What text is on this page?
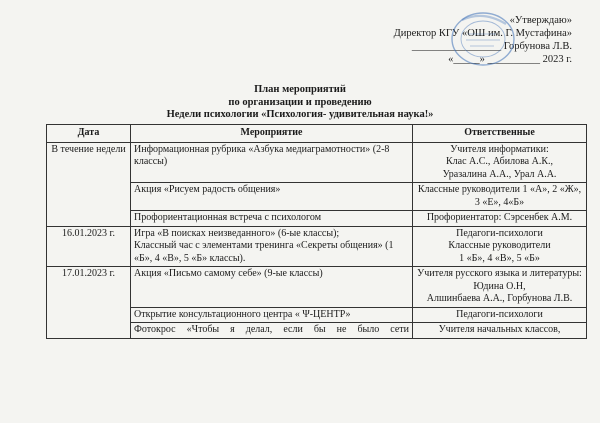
«Утверждаю»
Директор КГУ «ОШ им. Г. Мустафина»
_________________ Горбунова Л.В.
«_____» __________ 2023 г.
План мероприятий
по организации и проведению
Недели психологии «Психология- удивительная наука!»
Дата	Мероприятие	Ответственные
В течение недели	Информационная рубрика «Азбука медиаграмотности» (2-8 классы)	Учителя информатики:
Клас А.С., Абилова А.К.,
Уразалина А.А., Урал А.А.

	Акция «Рисуем радость общения»	Классные руководители 1 «А», 2 «Ж», 3 «Е», 4«Б»
	Профориентационная встреча с психологом	Профориентатор: Сэрсенбек А.М.
16.01.2023 г.	Игра «В поисках неизведанного» (6-ые классы);
Классный час с элементами тренинга «Секреты общения» (1 «Б», 4 «В», 5 «Б» классы).	Педагоги-психологи
Классные руководители
1 «Б», 4 «В», 5 «Б»

17.01.2023 г.	Акция «Письмо самому себе» (9-ые классы)	Учителя русского языка и литературы: Юдина О.Н,
Алшинбаева А.А., Горбунова Л.В.

	Открытие консультационного центра « Ψ-ЦЕНТР»	Педагоги-психологи
	Фотокрос «Чтобы я делал, если бы не было сети	Учителя начальных классов,
